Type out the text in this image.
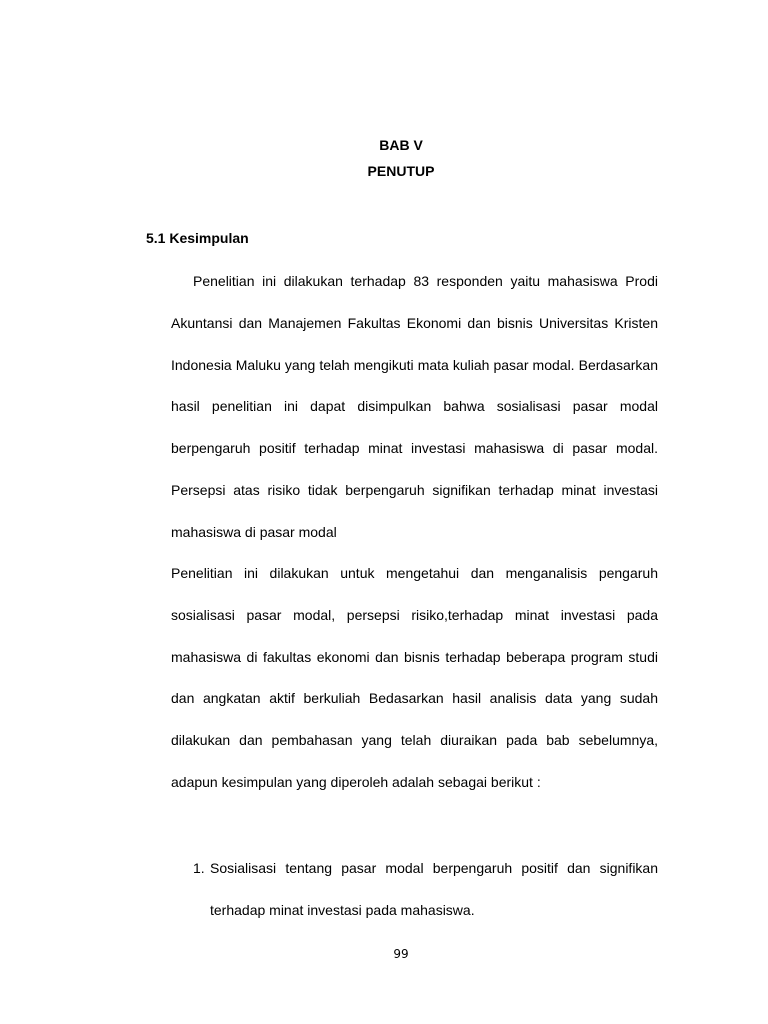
BAB V

PENUTUP

5.1 Kesimpulan

Penelitian ini dilakukan terhadap 83 responden yaitu mahasiswa Prodi Akuntansi dan Manajemen Fakultas Ekonomi dan bisnis Universitas Kristen Indonesia Maluku yang telah mengikuti mata kuliah pasar modal. Berdasarkan hasil penelitian ini dapat disimpulkan bahwa sosialisasi pasar modal berpengaruh positif terhadap minat investasi mahasiswa di pasar modal. Persepsi atas risiko tidak berpengaruh signifikan terhadap minat investasi mahasiswa di pasar modal

Penelitian ini dilakukan untuk mengetahui dan menganalisis pengaruh sosialisasi pasar modal, persepsi risiko,terhadap minat investasi pada mahasiswa di fakultas ekonomi dan bisnis terhadap beberapa program studi dan angkatan aktif berkuliah Bedasarkan hasil analisis data yang sudah dilakukan dan pembahasan yang telah diuraikan pada bab sebelumnya, adapun kesimpulan yang diperoleh adalah sebagai berikut :

1. Sosialisasi tentang pasar modal berpengaruh positif dan signifikan terhadap minat investasi pada mahasiswa.

99
